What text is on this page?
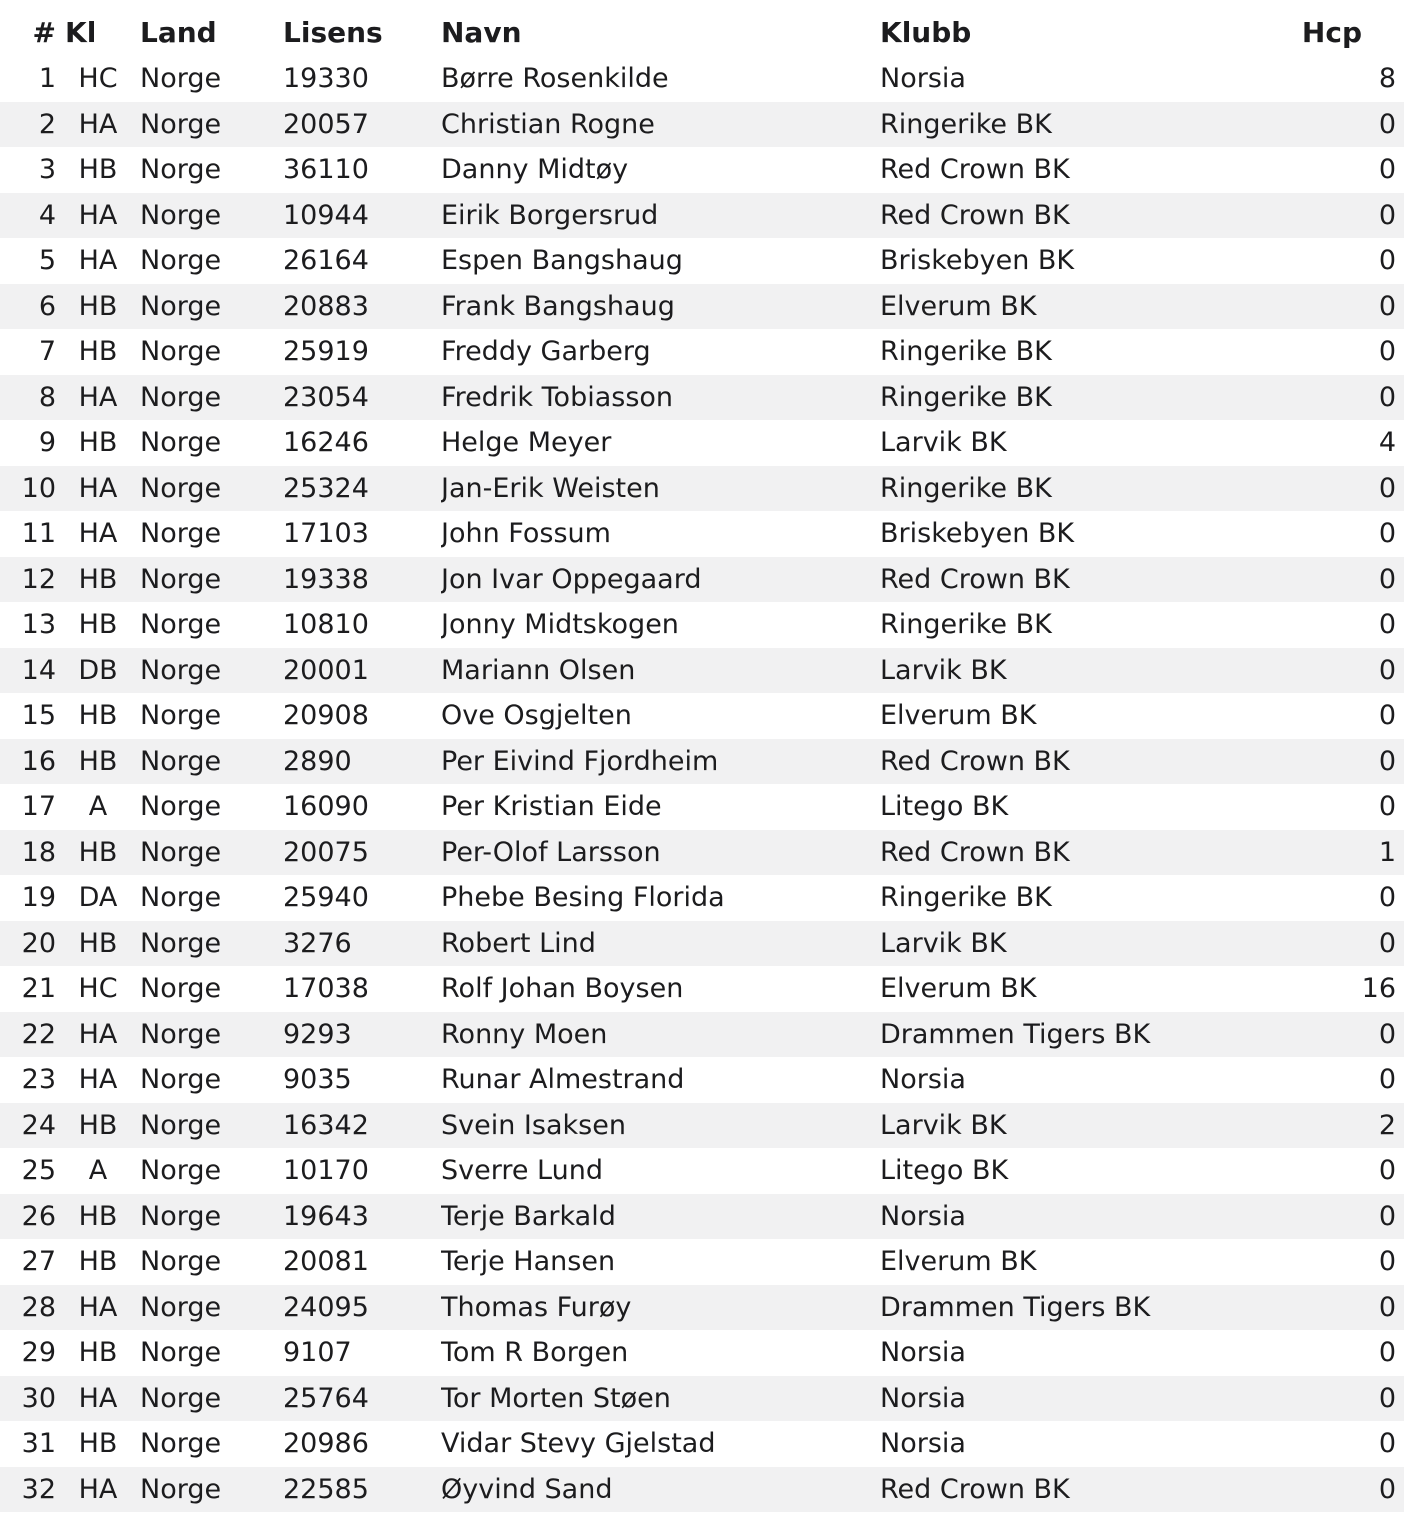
#	Kl	Land	Lisens	Navn	Klubb	Hcp
1	HC	Norge	19330	Børre Rosenkilde	Norsia	8
2	HA	Norge	20057	Christian Rogne	Ringerike BK	0
3	HB	Norge	36110	Danny Midtøy	Red Crown BK	0
4	HA	Norge	10944	Eirik Borgersrud	Red Crown BK	0
5	HA	Norge	26164	Espen Bangshaug	Briskebyen BK	0
6	HB	Norge	20883	Frank Bangshaug	Elverum BK	0
7	HB	Norge	25919	Freddy Garberg	Ringerike BK	0
8	HA	Norge	23054	Fredrik Tobiasson	Ringerike BK	0
9	HB	Norge	16246	Helge Meyer	Larvik BK	4
10	HA	Norge	25324	Jan-Erik Weisten	Ringerike BK	0
11	HA	Norge	17103	John Fossum	Briskebyen BK	0
12	HB	Norge	19338	Jon Ivar Oppegaard	Red Crown BK	0
13	HB	Norge	10810	Jonny Midtskogen	Ringerike BK	0
14	DB	Norge	20001	Mariann Olsen	Larvik BK	0
15	HB	Norge	20908	Ove Osgjelten	Elverum BK	0
16	HB	Norge	2890	Per Eivind Fjordheim	Red Crown BK	0
17	A	Norge	16090	Per Kristian Eide	Litego BK	0
18	HB	Norge	20075	Per-Olof Larsson	Red Crown BK	1
19	DA	Norge	25940	Phebe Besing Florida	Ringerike BK	0
20	HB	Norge	3276	Robert Lind	Larvik BK	0
21	HC	Norge	17038	Rolf Johan Boysen	Elverum BK	16
22	HA	Norge	9293	Ronny Moen	Drammen Tigers BK	0
23	HA	Norge	9035	Runar Almestrand	Norsia	0
24	HB	Norge	16342	Svein Isaksen	Larvik BK	2
25	A	Norge	10170	Sverre Lund	Litego BK	0
26	HB	Norge	19643	Terje Barkald	Norsia	0
27	HB	Norge	20081	Terje Hansen	Elverum BK	0
28	HA	Norge	24095	Thomas Furøy	Drammen Tigers BK	0
29	HB	Norge	9107	Tom R Borgen	Norsia	0
30	HA	Norge	25764	Tor Morten Støen	Norsia	0
31	HB	Norge	20986	Vidar Stevy Gjelstad	Norsia	0
32	HA	Norge	22585	Øyvind Sand	Red Crown BK	0
